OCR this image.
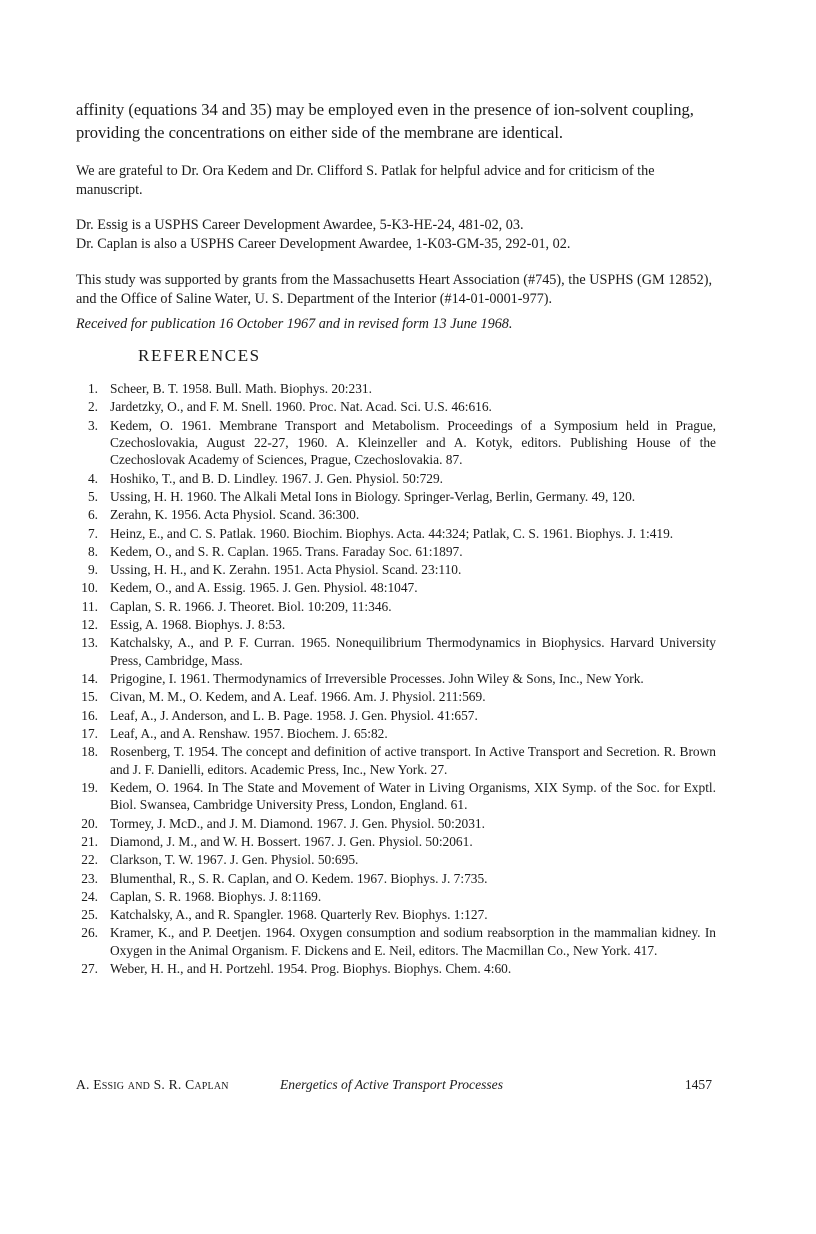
affinity (equations 34 and 35) may be employed even in the presence of ion-solvent coupling, providing the concentrations on either side of the membrane are identical.

We are grateful to Dr. Ora Kedem and Dr. Clifford S. Patlak for helpful advice and for criticism of the manuscript.

Dr. Essig is a USPHS Career Development Awardee, 5-K3-HE-24, 481-02, 03.

Dr. Caplan is also a USPHS Career Development Awardee, 1-K03-GM-35, 292-01, 02.

This study was supported by grants from the Massachusetts Heart Association (#745), the USPHS (GM 12852), and the Office of Saline Water, U. S. Department of the Interior (#14-01-0001-977).

Received for publication 16 October 1967 and in revised form 13 June 1968.

REFERENCES
1. Scheer, B. T. 1958. Bull. Math. Biophys. 20:231.
2. Jardetzky, O., and F. M. Snell. 1960. Proc. Nat. Acad. Sci. U.S. 46:616.
3. Kedem, O. 1961. Membrane Transport and Metabolism. Proceedings of a Symposium held in Prague, Czechoslovakia, August 22-27, 1960. A. Kleinzeller and A. Kotyk, editors. Publishing House of the Czechoslovak Academy of Sciences, Prague, Czechoslovakia. 87.
4. Hoshiko, T., and B. D. Lindley. 1967. J. Gen. Physiol. 50:729.
5. Ussing, H. H. 1960. The Alkali Metal Ions in Biology. Springer-Verlag, Berlin, Germany. 49, 120.
6. Zerahn, K. 1956. Acta Physiol. Scand. 36:300.
7. Heinz, E., and C. S. Patlak. 1960. Biochim. Biophys. Acta. 44:324; Patlak, C. S. 1961. Biophys. J. 1:419.
8. Kedem, O., and S. R. Caplan. 1965. Trans. Faraday Soc. 61:1897.
9. Ussing, H. H., and K. Zerahn. 1951. Acta Physiol. Scand. 23:110.
10. Kedem, O., and A. Essig. 1965. J. Gen. Physiol. 48:1047.
11. Caplan, S. R. 1966. J. Theoret. Biol. 10:209, 11:346.
12. Essig, A. 1968. Biophys. J. 8:53.
13. Katchalsky, A., and P. F. Curran. 1965. Nonequilibrium Thermodynamics in Biophysics. Harvard University Press, Cambridge, Mass.
14. Prigogine, I. 1961. Thermodynamics of Irreversible Processes. John Wiley & Sons, Inc., New York.
15. Civan, M. M., O. Kedem, and A. Leaf. 1966. Am. J. Physiol. 211:569.
16. Leaf, A., J. Anderson, and L. B. Page. 1958. J. Gen. Physiol. 41:657.
17. Leaf, A., and A. Renshaw. 1957. Biochem. J. 65:82.
18. Rosenberg, T. 1954. The concept and definition of active transport. In Active Transport and Secretion. R. Brown and J. F. Danielli, editors. Academic Press, Inc., New York. 27.
19. Kedem, O. 1964. In The State and Movement of Water in Living Organisms, XIX Symp. of the Soc. for Exptl. Biol. Swansea, Cambridge University Press, London, England. 61.
20. Tormey, J. McD., and J. M. Diamond. 1967. J. Gen. Physiol. 50:2031.
21. Diamond, J. M., and W. H. Bossert. 1967. J. Gen. Physiol. 50:2061.
22. Clarkson, T. W. 1967. J. Gen. Physiol. 50:695.
23. Blumenthal, R., S. R. Caplan, and O. Kedem. 1967. Biophys. J. 7:735.
24. Caplan, S. R. 1968. Biophys. J. 8:1169.
25. Katchalsky, A., and R. Spangler. 1968. Quarterly Rev. Biophys. 1:127.
26. Kramer, K., and P. Deetjen. 1964. Oxygen consumption and sodium reabsorption in the mammalian kidney. In Oxygen in the Animal Organism. F. Dickens and E. Neil, editors. The Macmillan Co., New York. 417.
27. Weber, H. H., and H. Portzehl. 1954. Prog. Biophys. Biophys. Chem. 4:60.
A. Essig and S. R. Caplan	Energetics of Active Transport Processes	1457
